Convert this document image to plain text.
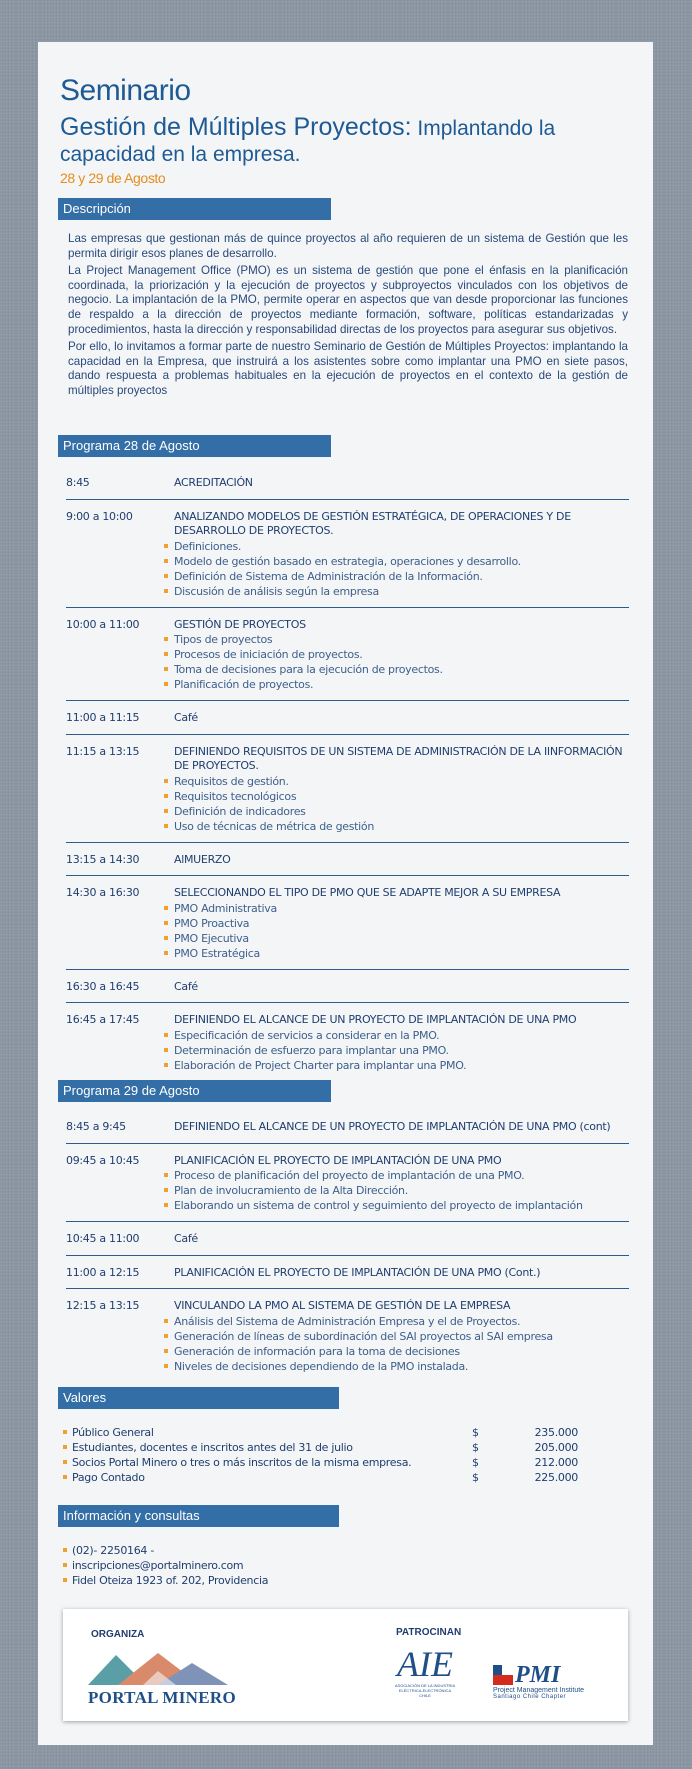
Seminario
Gestión de Múltiples Proyectos: Implantando la capacidad en la empresa.
28 y 29 de Agosto
Descripción

Las empresas que gestionan más de quince proyectos al año requieren de un sistema de Gestión que les permita dirigir esos planes de desarrollo.

La Project Management Office (PMO) es un sistema de gestión que pone el énfasis en la planificación coordinada, la priorización y la ejecución de proyectos y subproyectos vinculados con los objetivos de negocio. La implantación de la PMO, permite operar en aspectos que van desde proporcionar las funciones de respaldo a la dirección de proyectos mediante formación, software, políticas estandarizadas y procedimientos, hasta la dirección y responsabilidad directas de los proyectos para asegurar sus objetivos.

Por ello, lo invitamos a formar parte de nuestro Seminario de Gestión de Múltiples Proyectos: implantando la capacidad en la Empresa, que instruirá a los asistentes sobre como implantar una PMO en siete pasos, dando respuesta a problemas habituales en la ejecución de proyectos en el contexto de la gestión de múltiples proyectos

Programa 28 de Agosto
8:45	ACREDITACIÓN
9:00 a 10:00	ANALIZANDO MODELOS DE GESTIÓN ESTRATÉGICA, DE OPERACIONES Y DE DESARROLLO DE PROYECTOS.
Definiciones.
Modelo de gestión basado en estrategia, operaciones y desarrollo.
Definición de Sistema de Administración de la Información.
Discusión de análisis según la empresa
10:00 a 11:00	GESTIÓN DE PROYECTOS
Tipos de proyectos
Procesos de iniciación de proyectos.
Toma de decisiones para la ejecución de proyectos.
Planificación de proyectos.
11:00 a 11:15	Café
11:15 a 13:15	DEFINIENDO REQUISITOS DE UN SISTEMA DE ADMINISTRACIÓN DE LA IINFORMACIÓN DE PROYECTOS.
Requisitos de gestión.
Requisitos tecnológicos
Definición de indicadores
Uso de técnicas de métrica de gestión
13:15 a 14:30	AlMUERZO
14:30 a 16:30	SELECCIONANDO EL TIPO DE PMO QUE SE ADAPTE MEJOR A SU EMPRESA
PMO Administrativa
PMO Proactiva
PMO Ejecutiva
PMO Estratégica
16:30 a 16:45	Café
16:45 a 17:45	DEFINIENDO EL ALCANCE DE UN PROYECTO DE IMPLANTACIÓN DE UNA PMO
Especificación de servicios a considerar en la PMO.
Determinación de esfuerzo para implantar una PMO.
Elaboración de Project Charter para implantar una PMO.
Programa 29 de Agosto
8:45 a 9:45	DEFINIENDO EL ALCANCE DE UN PROYECTO DE IMPLANTACIÓN DE UNA PMO (cont)
09:45 a 10:45	PLANIFICACIÓN EL PROYECTO DE IMPLANTACIÓN DE UNA PMO
Proceso de planificación del proyecto de implantación de una PMO.
Plan de involucramiento de la Alta Dirección.
Elaborando un sistema de control y seguimiento del proyecto de implantación
10:45 a 11:00	Café
11:00 a 12:15	PLANIFICACIÓN EL PROYECTO DE IMPLANTACIÓN DE UNA PMO (Cont.)
12:15 a 13:15	VINCULANDO LA PMO AL SISTEMA DE GESTIÓN DE LA EMPRESA
Análisis del Sistema de Administración Empresa y el de Proyectos.
Generación de líneas de subordinación del SAI proyectos al SAI empresa
Generación de información para la toma de decisiones
Niveles de decisiones dependiendo de la PMO instalada.
Valores
Público General	$	235.000
Estudiantes, docentes e inscritos antes del 31 de julio	$	205.000
Socios Portal Minero o tres o más inscritos de la misma empresa.	$	212.000
Pago Contado	$	225.000
Información y consultas
(02)- 2250164 -
inscripciones@portalminero.com
Fidel Oteiza 1923 of. 202, Providencia
ORGANIZA	PATROCINAN
PORTAL MINERO
AIE
ASOCIACIÓN DE LA INDUSTRIA ELÉCTRICA-ELECTRÓNICA CHILE
PMI
Project Management Institute
Santiago Chile Chapter
